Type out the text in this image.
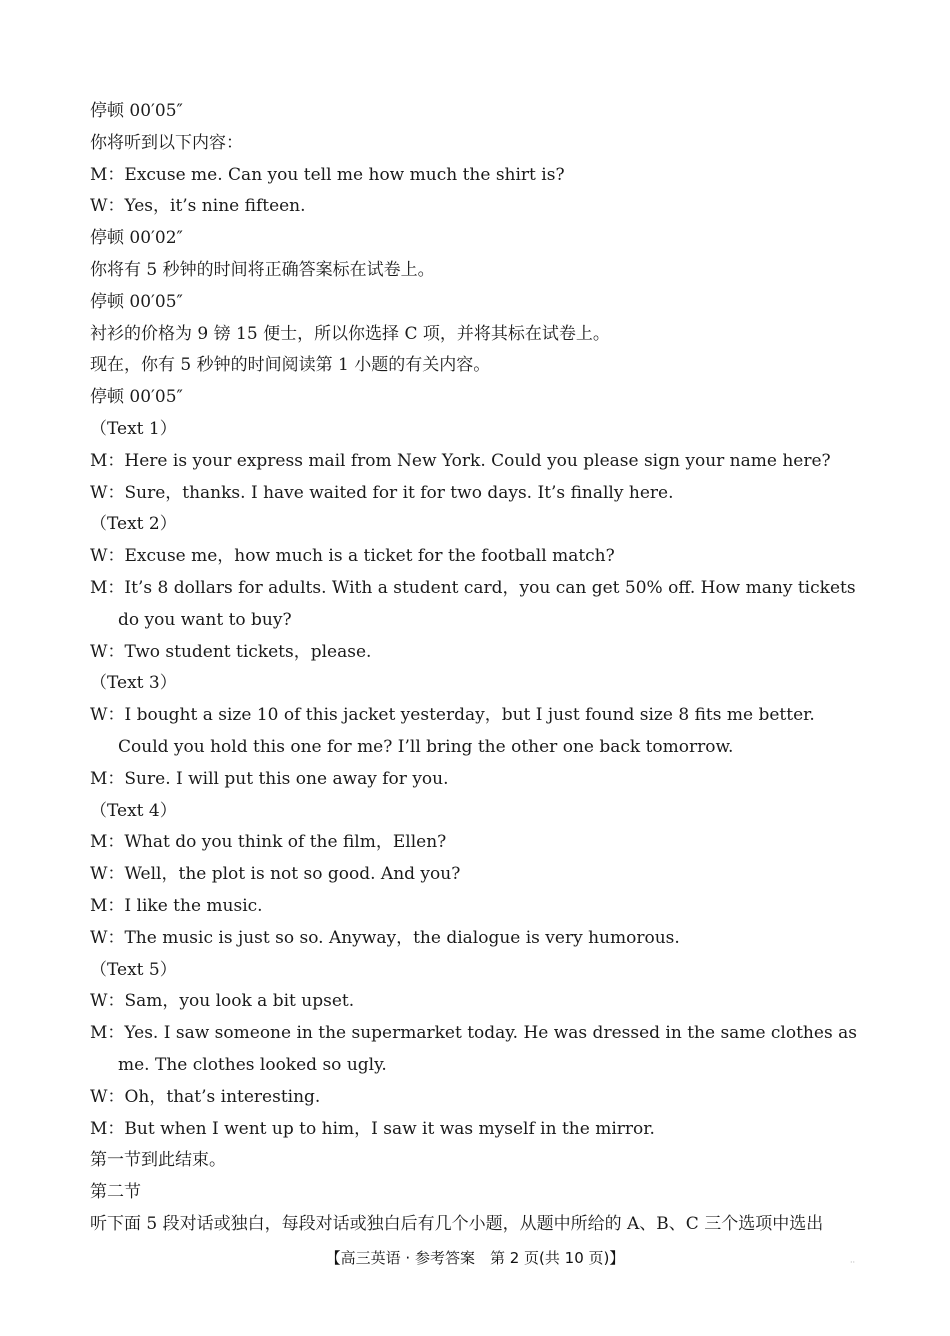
停顿 00′05″
你将听到以下内容：
M：Excuse me. Can you tell me how much the shirt is?
W：Yes，it’s nine fifteen.
停顿 00′02″
你将有 5 秒钟的时间将正确答案标在试卷上。
停顿 00′05″
衬衫的价格为 9 镑 15 便士，所以你选择 C 项，并将其标在试卷上。
现在，你有 5 秒钟的时间阅读第 1 小题的有关内容。
停顿 00′05″
（Text 1）
M：Here is your express mail from New York. Could you please sign your name here?
W：Sure，thanks. I have waited for it for two days. It’s finally here.
（Text 2）
W：Excuse me，how much is a ticket for the football match?
M：It’s 8 dollars for adults. With a student card，you can get 50% off. How many tickets do you want to buy?
W：Two student tickets，please.
（Text 3）
W：I bought a size 10 of this jacket yesterday，but I just found size 8 fits me better. Could you hold this one for me? I’ll bring the other one back tomorrow.
M：Sure. I will put this one away for you.
（Text 4）
M：What do you think of the film，Ellen?
W：Well，the plot is not so good. And you?
M：I like the music.
W：The music is just so so. Anyway，the dialogue is very humorous.
（Text 5）
W：Sam，you look a bit upset.
M：Yes. I saw someone in the supermarket today. He was dressed in the same clothes as me. The clothes looked so ugly.
W：Oh，that’s interesting.
M：But when I went up to him，I saw it was myself in the mirror.
第一节到此结束。
第二节
听下面 5 段对话或独白，每段对话或独白后有几个小题，从题中所给的 A、B、C 三个选项中选出
【高三英语 · 参考答案　第 2 页(共 10 页)】	··
